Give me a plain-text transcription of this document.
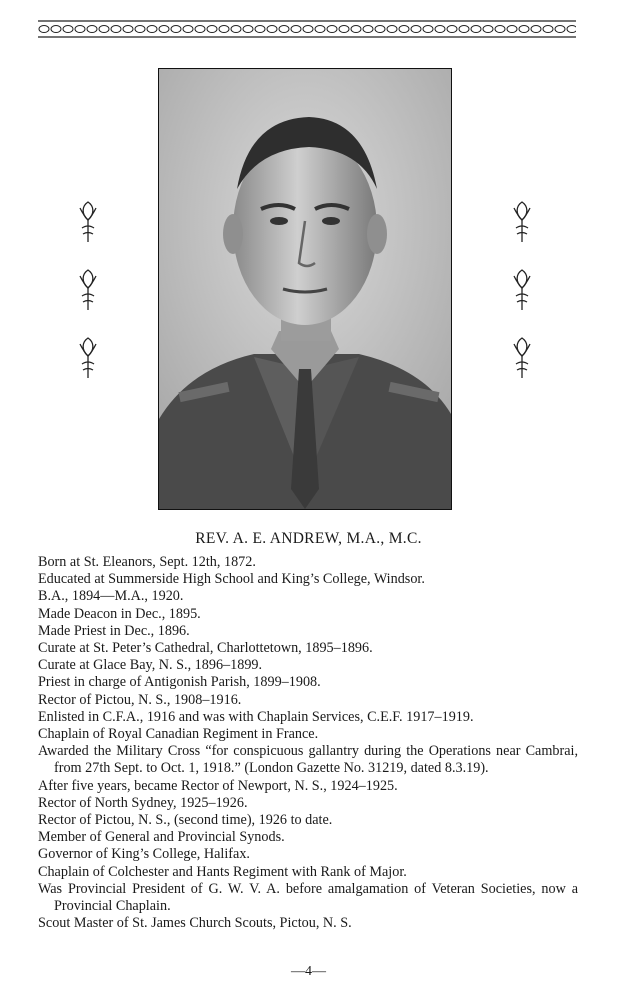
REV. A. E. ANDREW, M.A., M.C.
Born at St. Eleanors, Sept. 12th, 1872.
Educated at Summerside High School and King’s College, Windsor.
B.A., 1894—M.A., 1920.
Made Deacon in Dec., 1895.
Made Priest in Dec., 1896.
Curate at St. Peter’s Cathedral, Charlottetown, 1895–1896.
Curate at Glace Bay, N. S., 1896–1899.
Priest in charge of Antigonish Parish, 1899–1908.
Rector of Pictou, N. S., 1908–1916.
Enlisted in C.F.A., 1916 and was with Chaplain Services, C.E.F. 1917–1919.
Chaplain of Royal Canadian Regiment in France.
Awarded the Military Cross “for conspicuous gallantry during the Operations near Cambrai, from 27th Sept. to Oct. 1, 1918.” (London Gazette No. 31219, dated 8.3.19).
After five years, became Rector of Newport, N. S., 1924–1925.
Rector of North Sydney, 1925–1926.
Rector of Pictou, N. S., (second time), 1926 to date.
Member of General and Provincial Synods.
Governor of King’s College, Halifax.
Chaplain of Colchester and Hants Regiment with Rank of Major.
Was Provincial President of G. W. V. A. before amalgamation of Veteran Societies, now a Provincial Chaplain.
Scout Master of St. James Church Scouts, Pictou, N. S.
—4—
